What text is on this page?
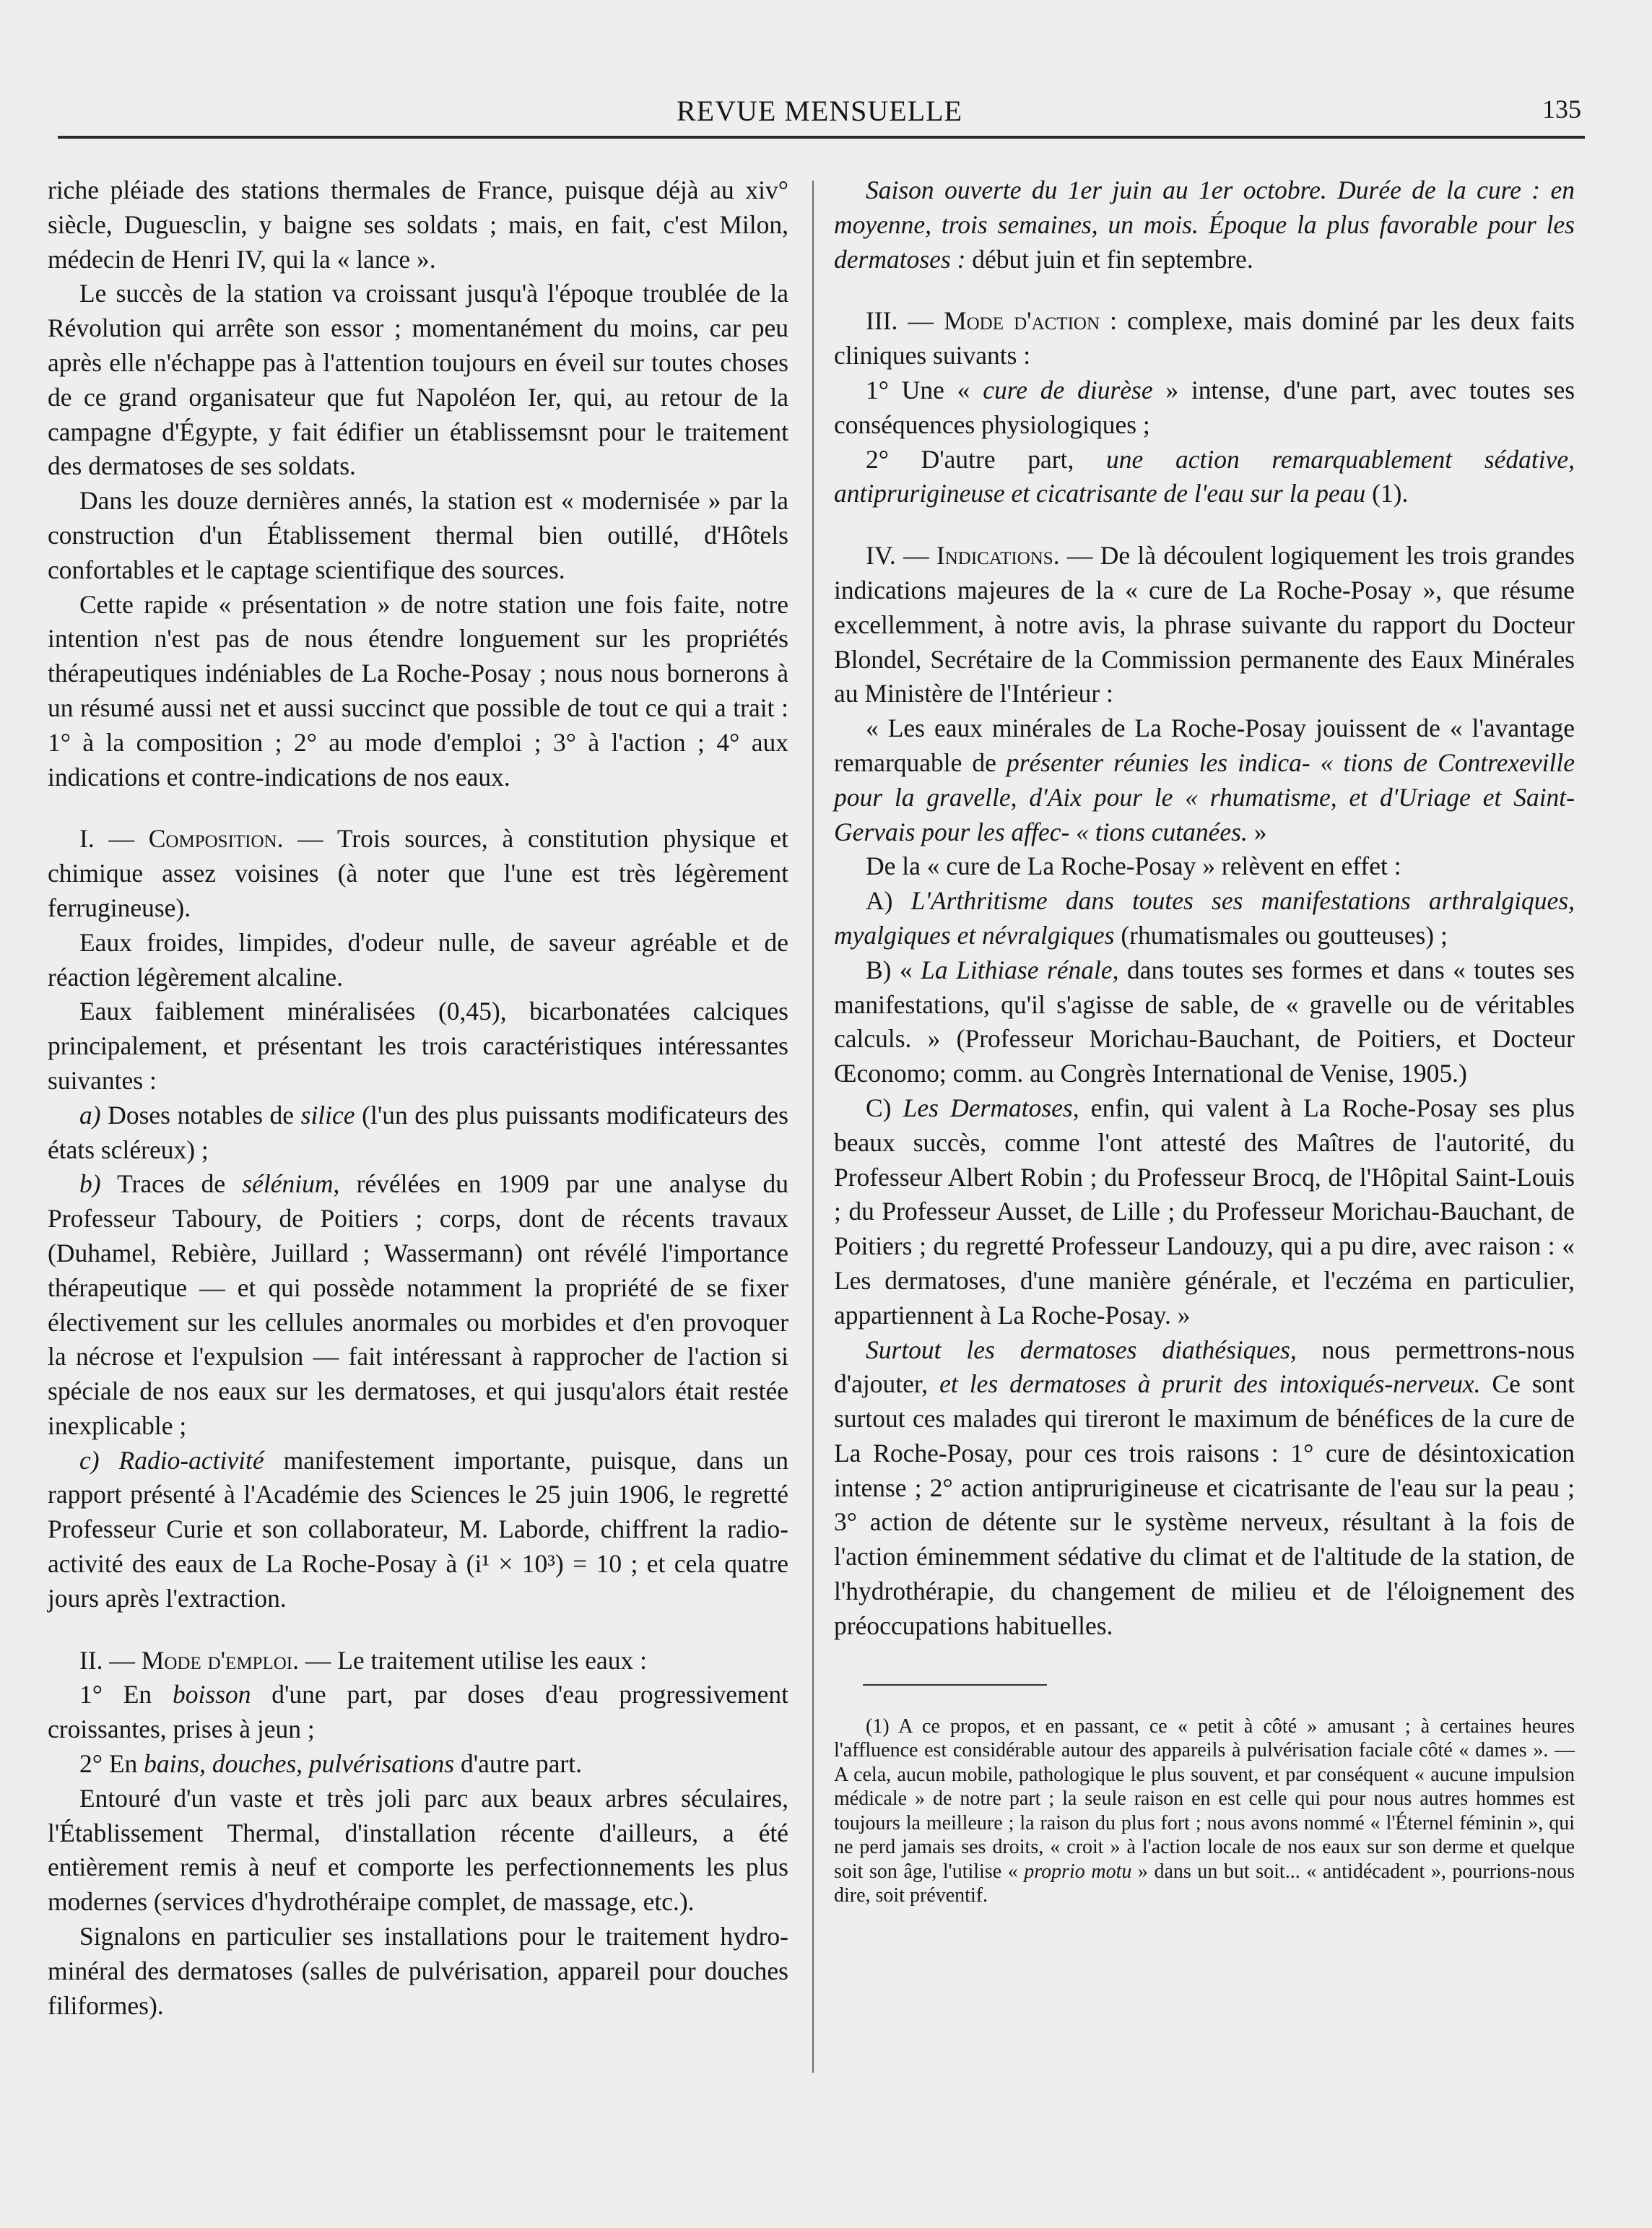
REVUE MENSUELLE	135

riche pléiade des stations thermales de France, puisque déjà au xiv° siècle, Duguesclin, y baigne ses soldats ; mais, en fait, c'est Milon, médecin de Henri IV, qui la « lance ».

Le succès de la station va croissant jusqu'à l'époque troublée de la Révolution qui arrête son essor ; momentanément du moins, car peu après elle n'échappe pas à l'attention toujours en éveil sur toutes choses de ce grand organisateur que fut Napoléon Ier, qui, au retour de la campagne d'Égypte, y fait édifier un établissemsnt pour le traitement des dermatoses de ses soldats.

Dans les douze dernières annés, la station est « modernisée » par la construction d'un Établissement thermal bien outillé, d'Hôtels confortables et le captage scientifique des sources.

Cette rapide « présentation » de notre station une fois faite, notre intention n'est pas de nous étendre longuement sur les propriétés thérapeutiques indéniables de La Roche-Posay ; nous nous bornerons à un résumé aussi net et aussi succinct que possible de tout ce qui a trait : 1° à la composition ; 2° au mode d'emploi ; 3° à l'action ; 4° aux indications et contre-indications de nos eaux.

I. — Composition. — Trois sources, à constitution physique et chimique assez voisines (à noter que l'une est très légèrement ferrugineuse).

Eaux froides, limpides, d'odeur nulle, de saveur agréable et de réaction légèrement alcaline.

Eaux faiblement minéralisées (0,45), bicarbonatées calciques principalement, et présentant les trois caractéristiques intéressantes suivantes :

a) Doses notables de silice (l'un des plus puissants modificateurs des états scléreux) ;

b) Traces de sélénium, révélées en 1909 par une analyse du Professeur Taboury, de Poitiers ; corps, dont de récents travaux (Duhamel, Rebière, Juillard ; Wassermann) ont révélé l'importance thérapeutique — et qui possède notamment la propriété de se fixer électivement sur les cellules anormales ou morbides et d'en provoquer la nécrose et l'expulsion — fait intéressant à rapprocher de l'action si spéciale de nos eaux sur les dermatoses, et qui jusqu'alors était restée inexplicable ;

c) Radio-activité manifestement importante, puisque, dans un rapport présenté à l'Académie des Sciences le 25 juin 1906, le regretté Professeur Curie et son collaborateur, M. Laborde, chiffrent la radio-activité des eaux de La Roche-Posay à (i¹ × 10³) = 10 ; et cela quatre jours après l'extraction.

II. — Mode d'emploi. — Le traitement utilise les eaux :

1° En boisson d'une part, par doses d'eau progressivement croissantes, prises à jeun ;

2° En bains, douches, pulvérisations d'autre part.

Entouré d'un vaste et très joli parc aux beaux arbres séculaires, l'Établissement Thermal, d'installation récente d'ailleurs, a été entièrement remis à neuf et comporte les perfectionnements les plus modernes (services d'hydrothéraipe complet, de massage, etc.).

Signalons en particulier ses installations pour le traitement hydro-minéral des dermatoses (salles de pulvérisation, appareil pour douches filiformes).

Saison ouverte du 1er juin au 1er octobre. Durée de la cure : en moyenne, trois semaines, un mois. Époque la plus favorable pour les dermatoses : début juin et fin septembre.

III. — Mode d'action : complexe, mais dominé par les deux faits cliniques suivants :

1° Une « cure de diurèse » intense, d'une part, avec toutes ses conséquences physiologiques ;

2° D'autre part, une action remarquablement sédative, antiprurigineuse et cicatrisante de l'eau sur la peau (1).

IV. — Indications. — De là découlent logiquement les trois grandes indications majeures de la « cure de La Roche-Posay », que résume excellemment, à notre avis, la phrase suivante du rapport du Docteur Blondel, Secrétaire de la Commission permanente des Eaux Minérales au Ministère de l'Intérieur :

« Les eaux minérales de La Roche-Posay jouissent de « l'avantage remarquable de présenter réunies les indica- « tions de Contrexeville pour la gravelle, d'Aix pour le « rhumatisme, et d'Uriage et Saint-Gervais pour les affec- « tions cutanées. »

De la « cure de La Roche-Posay » relèvent en effet :

A) L'Arthritisme dans toutes ses manifestations arthralgiques, myalgiques et névralgiques (rhumatismales ou goutteuses) ;

B) « La Lithiase rénale, dans toutes ses formes et dans « toutes ses manifestations, qu'il s'agisse de sable, de « gravelle ou de véritables calculs. » (Professeur Morichau-Bauchant, de Poitiers, et Docteur Œconomo; comm. au Congrès International de Venise, 1905.)

C) Les Dermatoses, enfin, qui valent à La Roche-Posay ses plus beaux succès, comme l'ont attesté des Maîtres de l'autorité, du Professeur Albert Robin ; du Professeur Brocq, de l'Hôpital Saint-Louis ; du Professeur Ausset, de Lille ; du Professeur Morichau-Bauchant, de Poitiers ; du regretté Professeur Landouzy, qui a pu dire, avec raison : « Les dermatoses, d'une manière générale, et l'eczéma en particulier, appartiennent à La Roche-Posay. »

Surtout les dermatoses diathésiques, nous permettrons-nous d'ajouter, et les dermatoses à prurit des intoxiqués-nerveux. Ce sont surtout ces malades qui tireront le maximum de bénéfices de la cure de La Roche-Posay, pour ces trois raisons : 1° cure de désintoxication intense ; 2° action antiprurigineuse et cicatrisante de l'eau sur la peau ; 3° action de détente sur le système nerveux, résultant à la fois de l'action éminemment sédative du climat et de l'altitude de la station, de l'hydrothérapie, du changement de milieu et de l'éloignement des préoccupations habituelles.

(1) A ce propos, et en passant, ce « petit à côté » amusant ; à certaines heures l'affluence est considérable autour des appareils à pulvérisation faciale côté « dames ». — A cela, aucun mobile, pathologique le plus souvent, et par conséquent « aucune impulsion médicale » de notre part ; la seule raison en est celle qui pour nous autres hommes est toujours la meilleure ; la raison du plus fort ; nous avons nommé « l'Éternel féminin », qui ne perd jamais ses droits, « croit » à l'action locale de nos eaux sur son derme et quelque soit son âge, l'utilise « proprio motu » dans un but soit... « antidécadent », pourrions-nous dire, soit préventif.
